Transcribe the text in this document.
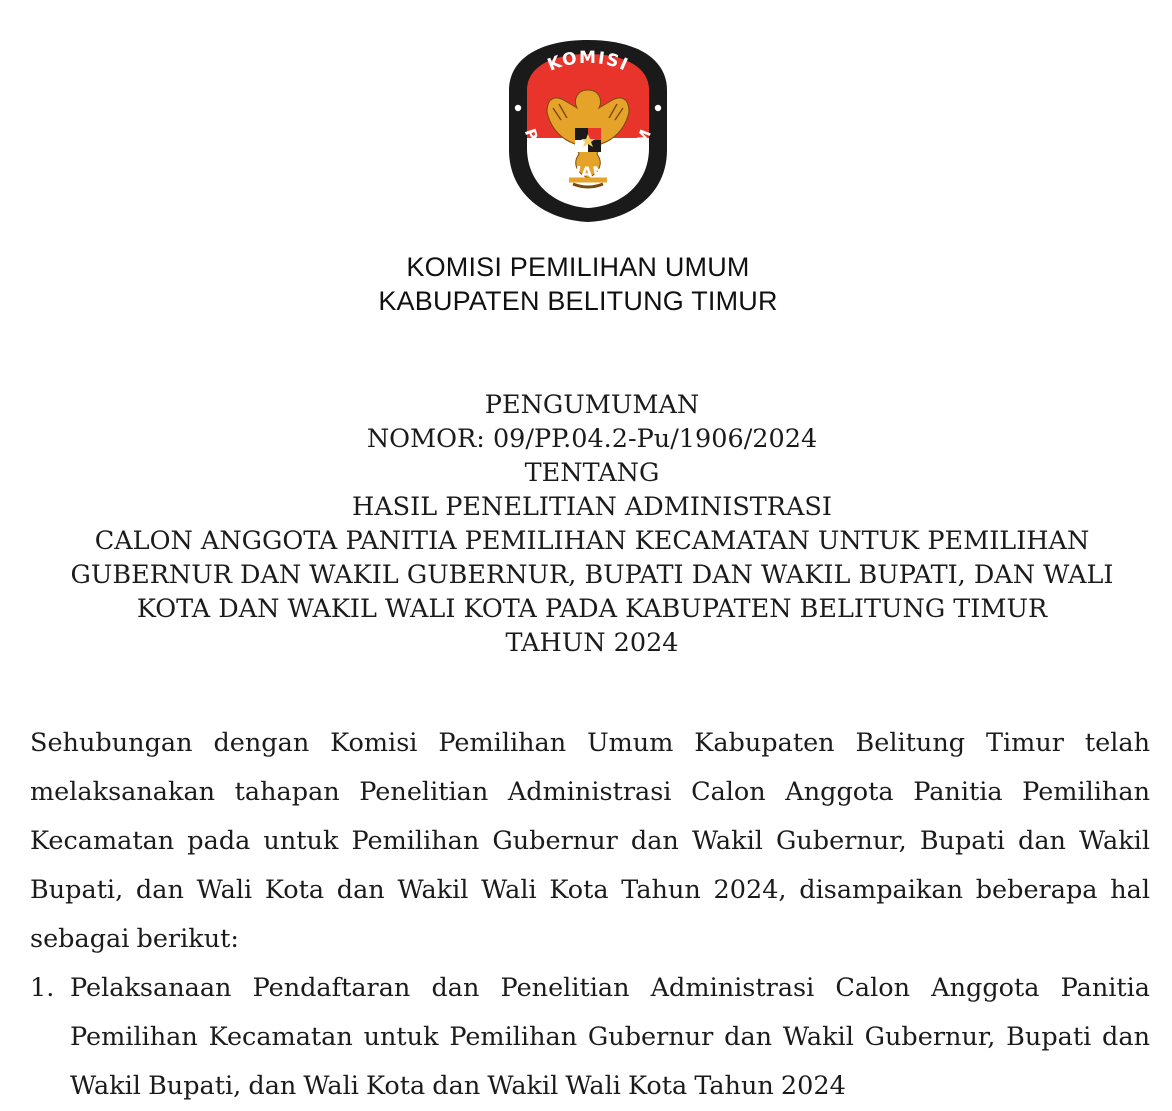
KOMISI
PEMILIHAN UMUM
KOMISI PEMILIHAN UMUM
KABUPATEN BELITUNG TIMUR
PENGUMUMAN
NOMOR: 09/PP.04.2-Pu/1906/2024
TENTANG
HASIL PENELITIAN ADMINISTRASI
CALON ANGGOTA PANITIA PEMILIHAN KECAMATAN UNTUK PEMILIHAN
GUBERNUR DAN WAKIL GUBERNUR, BUPATI DAN WAKIL BUPATI, DAN WALI
KOTA DAN WAKIL WALI KOTA PADA KABUPATEN BELITUNG TIMUR
TAHUN 2024

Sehubungan dengan Komisi Pemilihan Umum Kabupaten Belitung Timur telah melaksanakan tahapan Penelitian Administrasi Calon Anggota Panitia Pemilihan Kecamatan pada untuk Pemilihan Gubernur dan Wakil Gubernur, Bupati dan Wakil Bupati, dan Wali Kota dan Wakil Wali Kota Tahun 2024, disampaikan beberapa hal sebagai berikut:

1. Pelaksanaan Pendaftaran dan Penelitian Administrasi Calon Anggota Panitia Pemilihan Kecamatan untuk Pemilihan Gubernur dan Wakil Gubernur, Bupati dan Wakil Bupati, dan Wali Kota dan Wakil Wali Kota Tahun 2024
